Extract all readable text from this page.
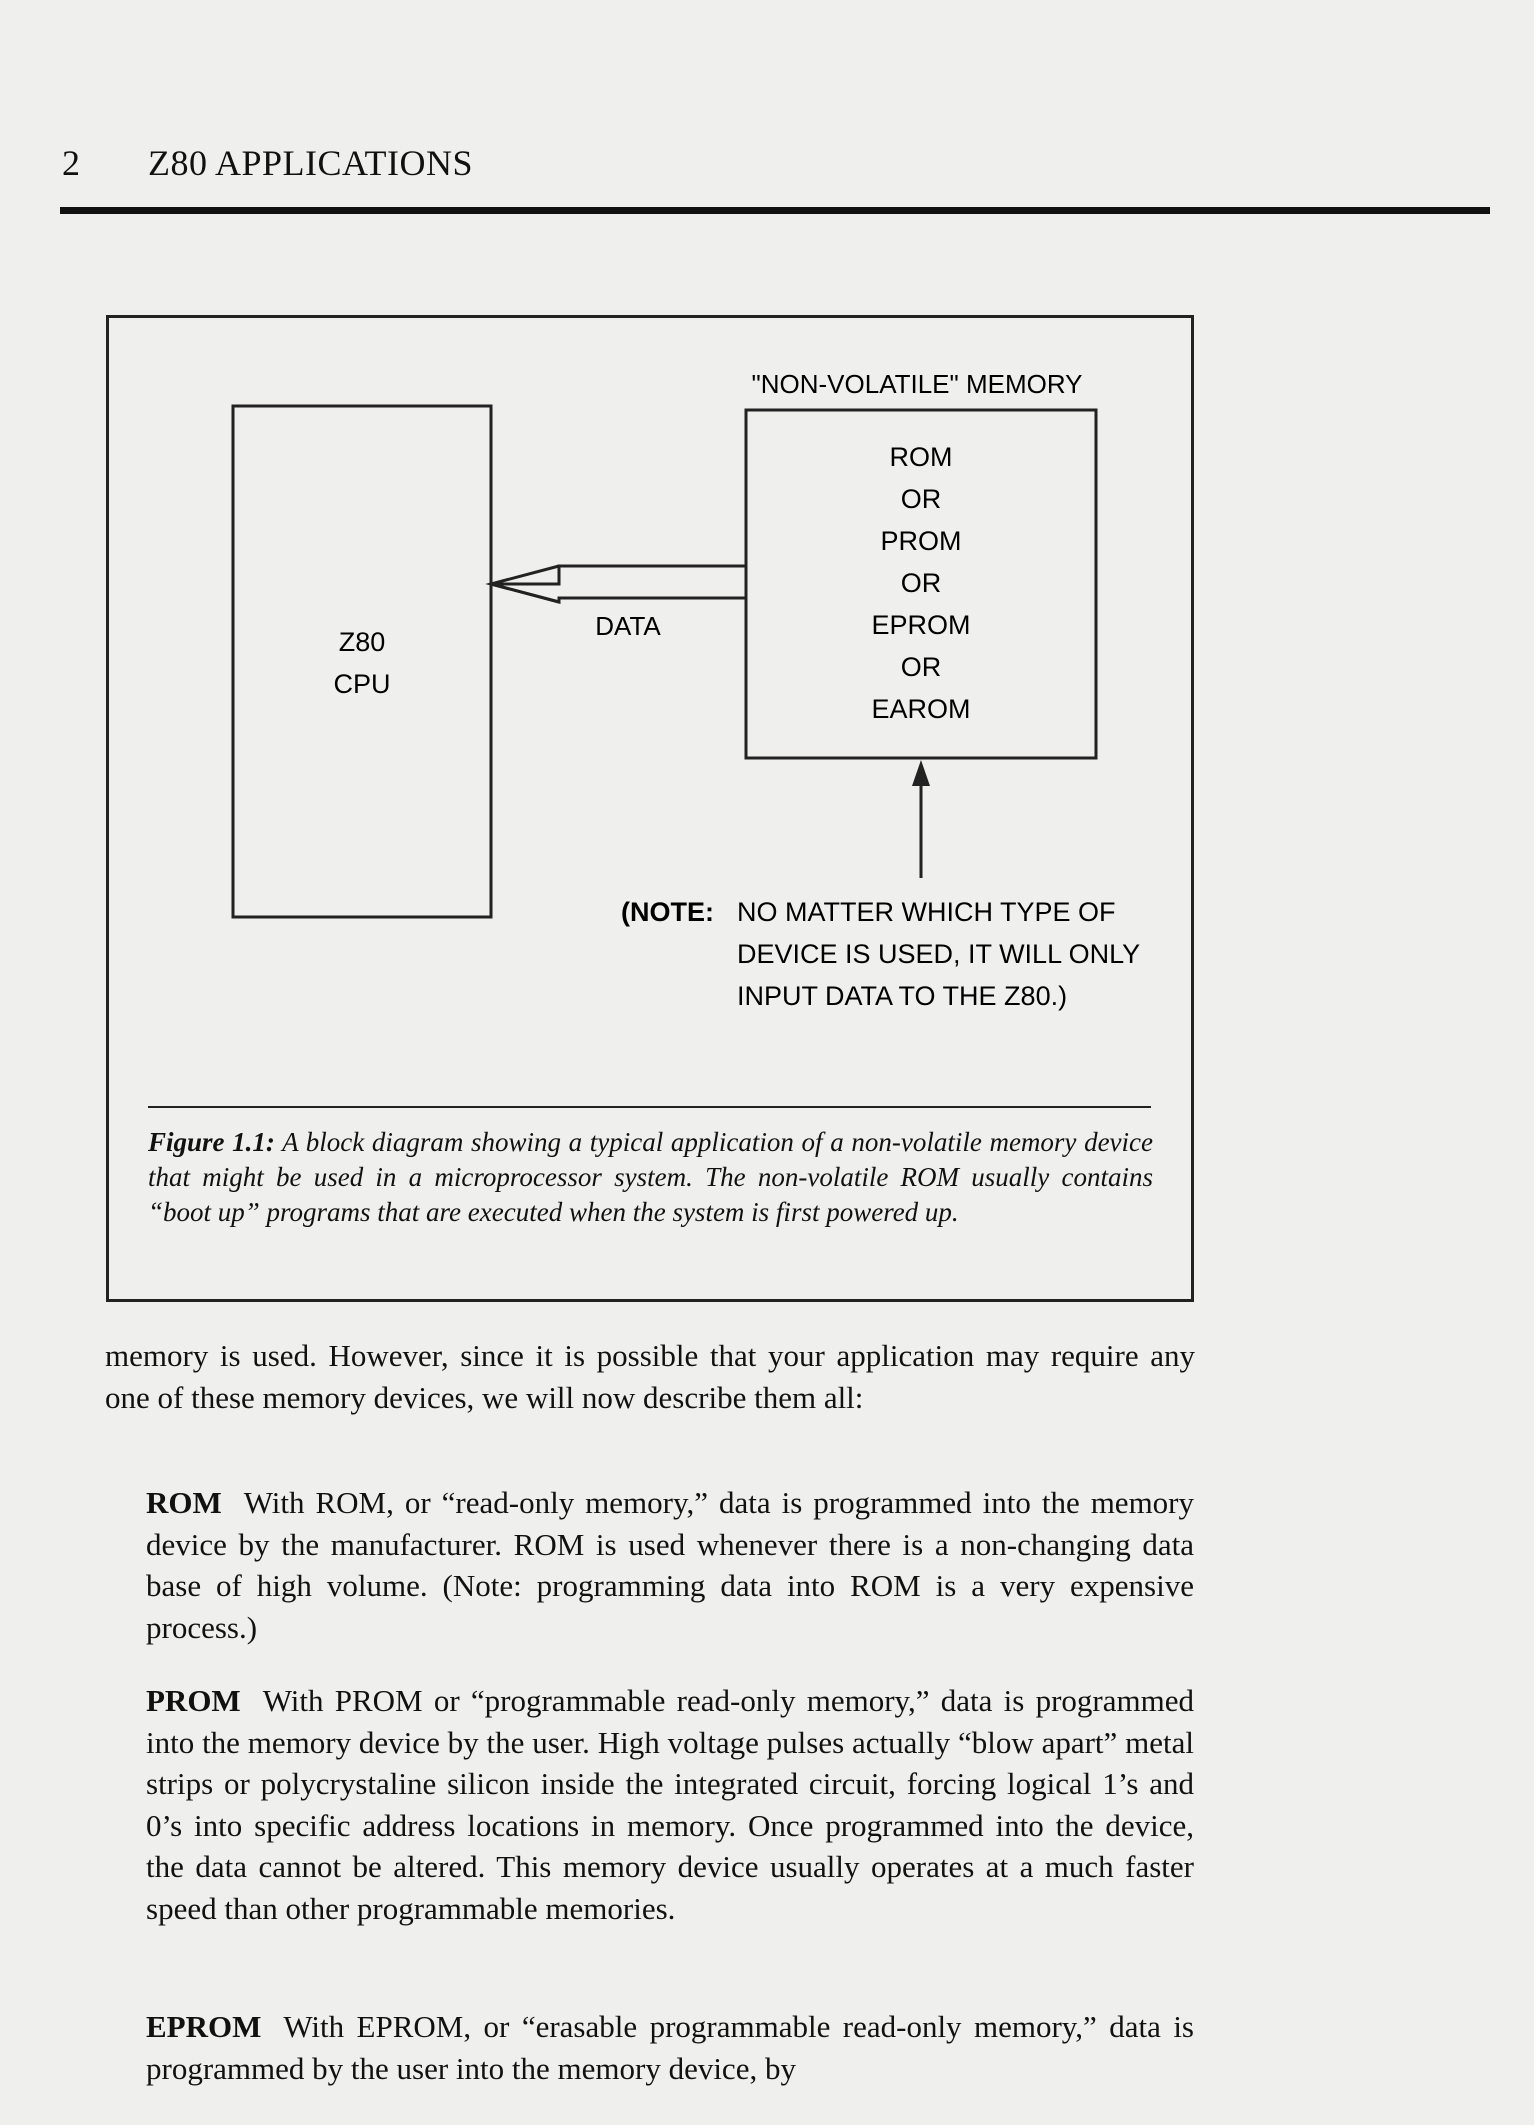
2 Z80 APPLICATIONS
Z80
CPU
"NON-VOLATILE" MEMORY
ROM
OR
PROM
OR
EPROM
OR
EAROM
DATA
(NOTE: NO MATTER WHICH TYPE OF
DEVICE IS USED, IT WILL ONLY
INPUT DATA TO THE Z80.)
Figure 1.1: A block diagram showing a typical application of a non-volatile memory device that might be used in a microprocessor system. The non-volatile ROM usually contains “boot up” programs that are executed when the system is first powered up.

memory is used. However, since it is possible that your application may require any one of these memory devices, we will now describe them all:

ROM With ROM, or “read-only memory,” data is programmed into the memory device by the manufacturer. ROM is used whenever there is a non-changing data base of high volume. (Note: programming data into ROM is a very expensive process.)

PROM With PROM or “programmable read-only memory,” data is programmed into the memory device by the user. High voltage pulses actually “blow apart” metal strips or polycrystaline silicon inside the integrated circuit, forcing logical 1’s and 0’s into specific address locations in memory. Once programmed into the device, the data cannot be altered. This memory device usually operates at a much faster speed than other programmable memories.

EPROM With EPROM, or “erasable programmable read-only memory,” data is programmed by the user into the memory device, by
